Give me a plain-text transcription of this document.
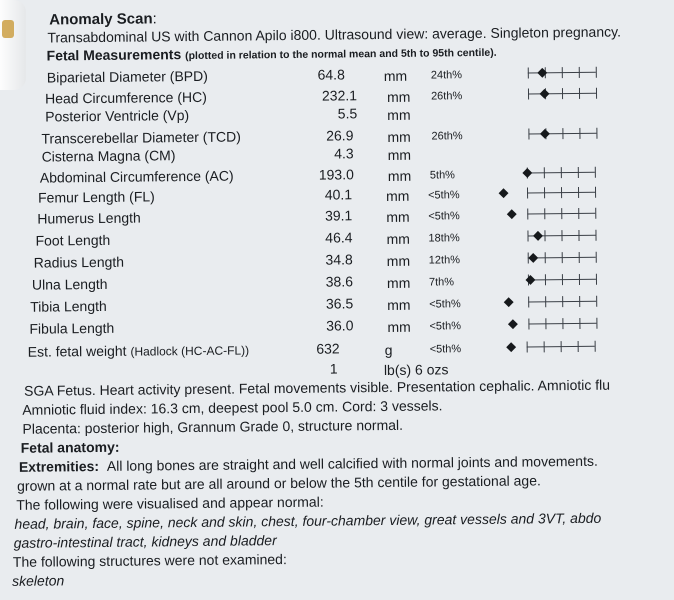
Anomaly Scan:
Transabdominal US with Cannon Apilo i800. Ultrasound view: average. Singleton pregnancy.
Fetal Measurements (plotted in relation to the normal mean and 5th to 95th centile).
Biparietal Diameter (BPD)	64.8	mm 24th%
Head Circumference (HC)	232.1 mm 26th%
Posterior Ventricle (Vp)	5.5 mm
Transcerebellar Diameter (TCD)	26.9 mm 26th%
Cisterna Magna (CM)	4.3 mm
Abdominal Circumference (AC)	193.0 mm 5th%
Femur Length (FL)	40.1 mm <5th%
Humerus Length	39.1 mm <5th%
Foot Length	46.4 mm 18th%
Radius Length	34.8 mm 12th%
Ulna Length	38.6 mm 7th%
Tibia Length	36.5 mm <5th%
Fibula Length	36.0 mm <5th%
Est. fetal weight (Hadlock (HC-AC-FL))	632	g	<5th%
1	lb(s) 6 ozs
SGA Fetus. Heart activity present. Fetal movements visible. Presentation cephalic. Amniotic flu
Amniotic fluid index: 16.3 cm, deepest pool 5.0 cm. Cord: 3 vessels.
Placenta: posterior high, Grannum Grade 0, structure normal.
Fetal anatomy:
Extremities: All long bones are straight and well calcified with normal joints and movements.
grown at a normal rate but are all around or below the 5th centile for gestational age.
The following were visualised and appear normal:
head, brain, face, spine, neck and skin, chest, four-chamber view, great vessels and 3VT, abdo
gastro-intestinal tract, kidneys and bladder
The following structures were not examined:
skeleton
